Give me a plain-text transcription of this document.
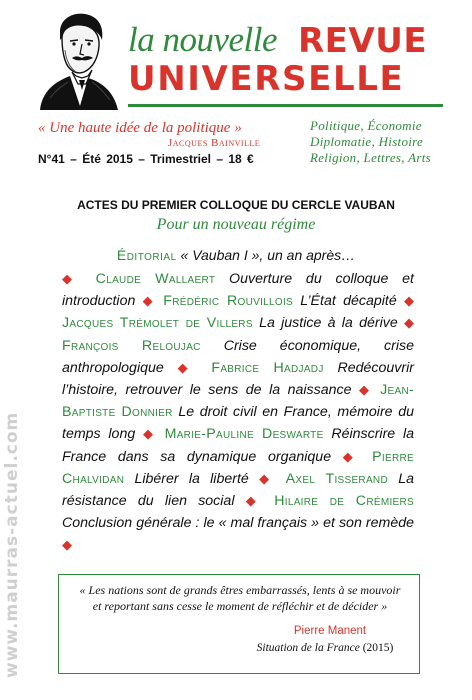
la nouvelle REVUE
UNIVERSELLE
« Une haute idée de la politique »
Jacques Bainville
N°41 – Été 2015 – Trimestriel – 18 €
Politique, Économie
Diplomatie, Histoire
Religion, Lettres, Arts
ACTES DU PREMIER COLLOQUE DU CERCLE VAUBAN
Pour un nouveau régime
Éditorial « Vauban I », un an après…
◆ Claude Wallaert Ouverture du colloque et introduction ◆ Frédéric Rouvillois L’État décapité ◆ Jacques Trémolet de Villers La justice à la dérive ◆ François Reloujac Crise économique, crise anthropologique ◆ Fabrice Hadjadj Redécouvrir l’histoire, retrouver le sens de la naissance ◆ Jean-Baptiste Donnier Le droit civil en France, mémoire du temps long ◆ Marie-Pauline Deswarte Réinscrire la France dans sa dynamique organique ◆ Pierre Chalvidan Libérer la liberté ◆ Axel Tisserand La résistance du lien social ◆ Hilaire de Crémiers Conclusion générale : le « mal français » et son remède ◆
« Les nations sont de grands êtres embarrassés, lents à se mouvoir
et reportant sans cesse le moment de réfléchir et de décider »
Pierre Manent
Situation de la France (2015)
www.maurras-actuel.com
